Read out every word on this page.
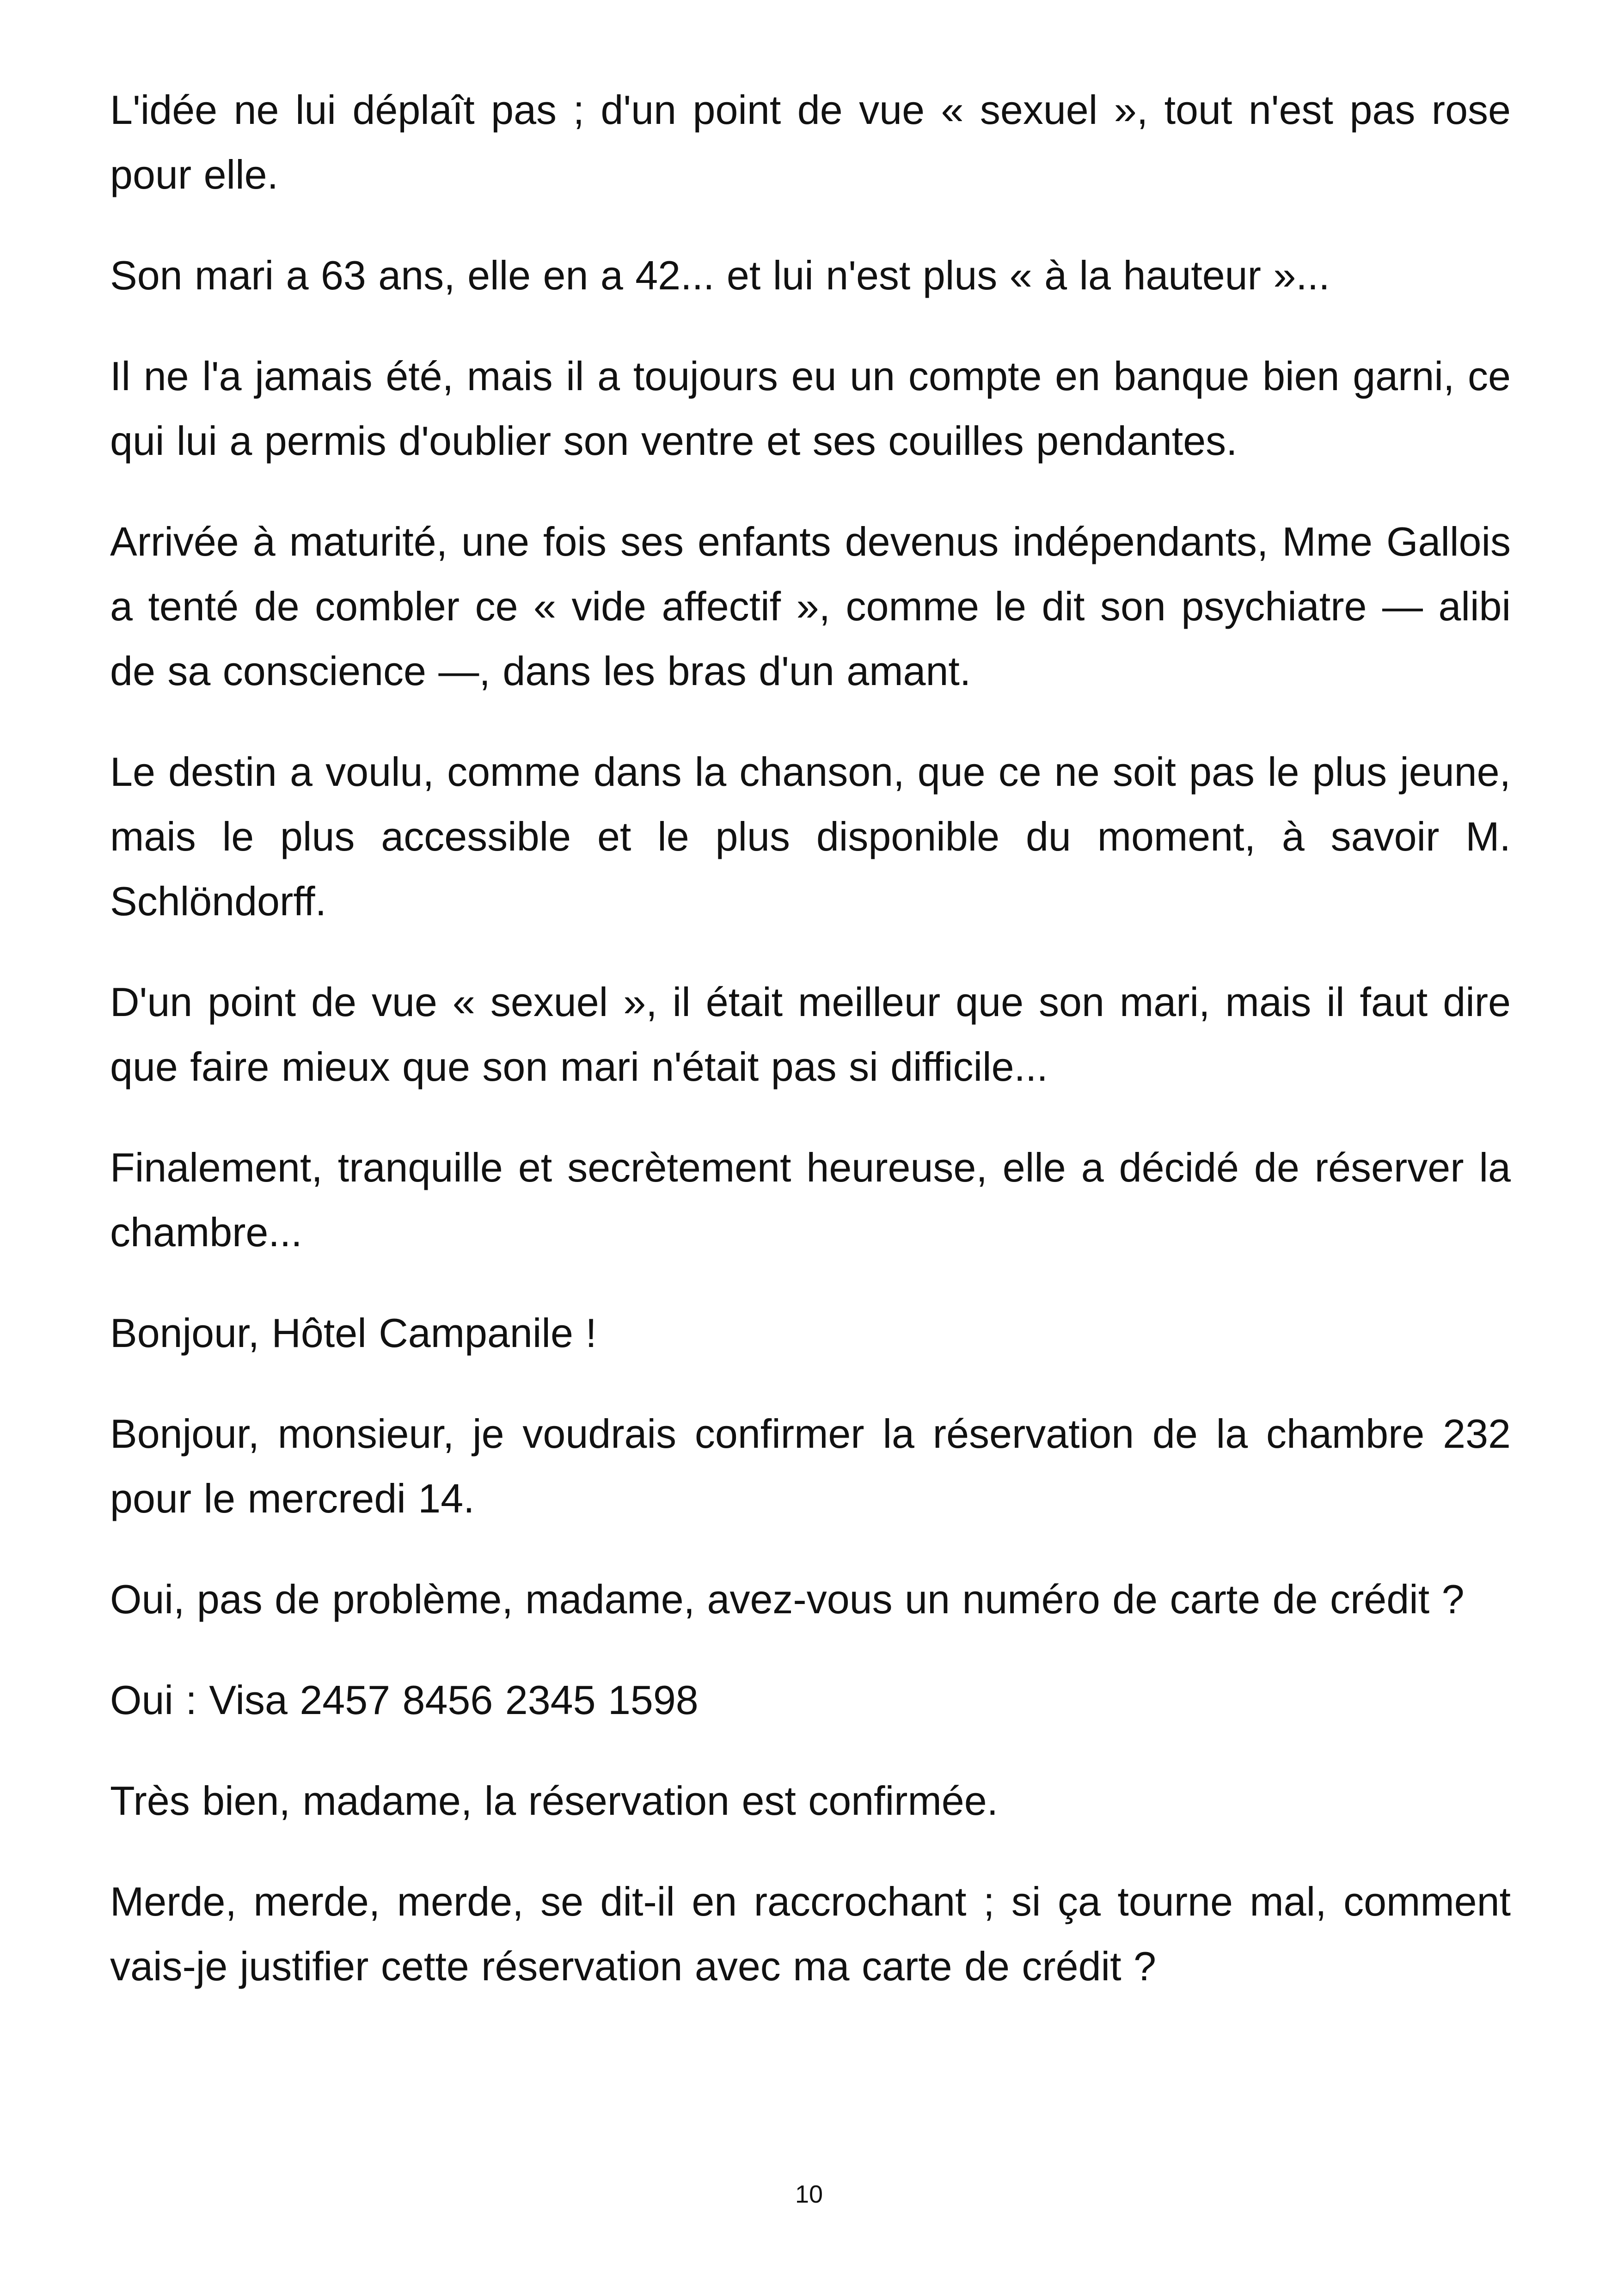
L'idée ne lui déplaît pas ; d'un point de vue « sexuel », tout n'est pas rose pour elle.

Son mari a 63 ans, elle en a 42... et lui n'est plus « à la hauteur »...

Il ne l'a jamais été, mais il a toujours eu un compte en banque bien garni, ce qui lui a permis d'oublier son ventre et ses couilles pendantes.

Arrivée à maturité, une fois ses enfants devenus indépendants, Mme Gallois a tenté de combler ce « vide affectif », comme le dit son psychiatre — alibi de sa conscience —, dans les bras d'un amant.

Le destin a voulu, comme dans la chanson, que ce ne soit pas le plus jeune, mais le plus accessible et le plus disponible du moment, à savoir M. Schlöndorff.

D'un point de vue « sexuel », il était meilleur que son mari, mais il faut dire que faire mieux que son mari n'était pas si difficile...

Finalement, tranquille et secrètement heureuse, elle a décidé de réserver la chambre...

Bonjour, Hôtel Campanile !

Bonjour, monsieur, je voudrais confirmer la réservation de la chambre 232 pour le mercredi 14.

Oui, pas de problème, madame, avez-vous un numéro de carte de crédit ?

Oui : Visa 2457 8456 2345 1598

Très bien, madame, la réservation est confirmée.

Merde, merde, merde, se dit-il en raccrochant ; si ça tourne mal, comment vais-je justifier cette réservation avec ma carte de crédit ?

10
